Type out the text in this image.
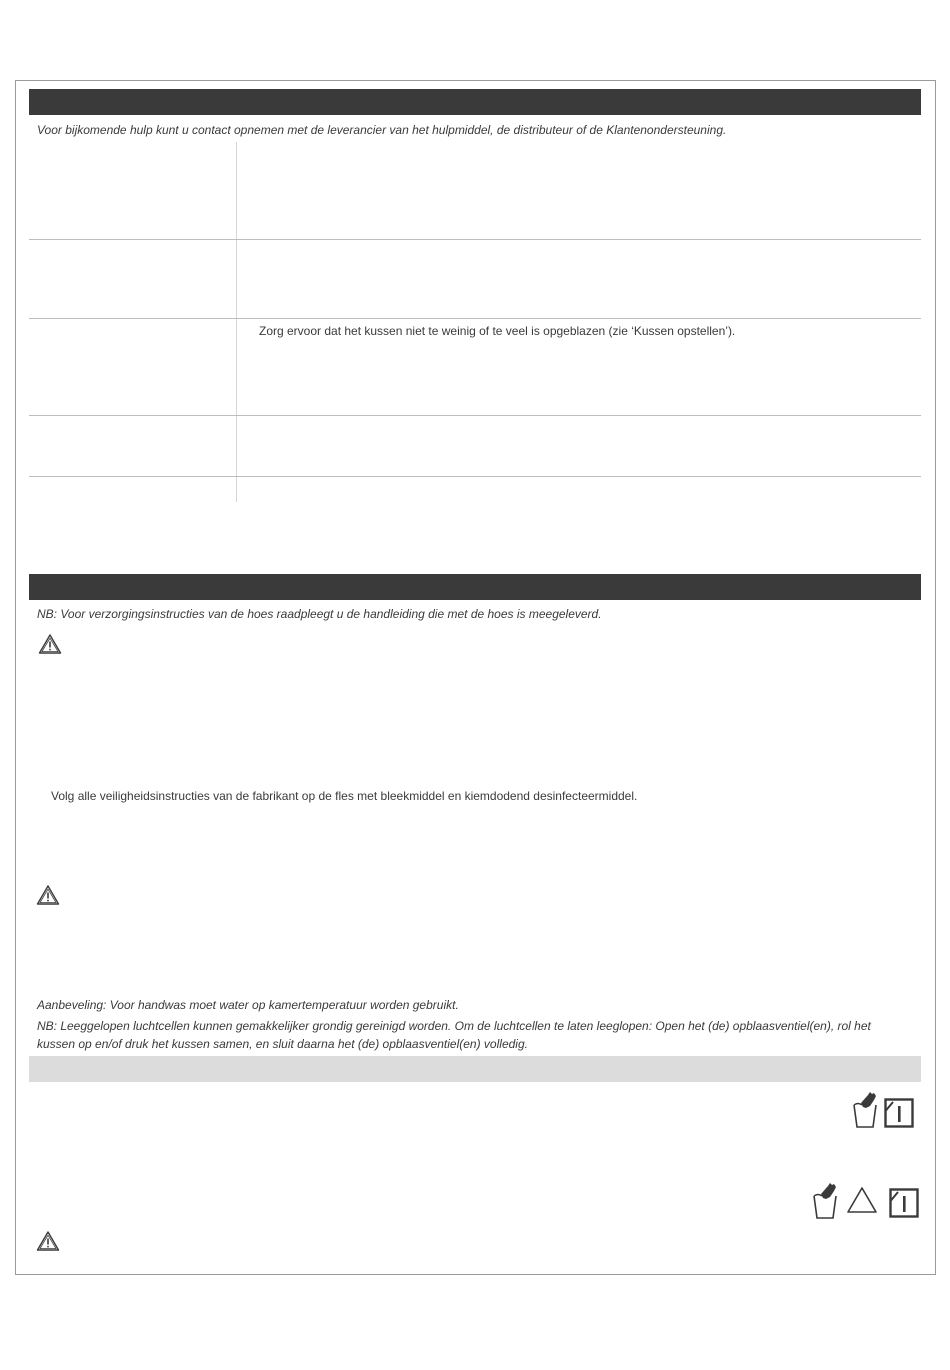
Voor bijkomende hulp kunt u contact opnemen met de leverancier van het hulpmiddel, de distributeur of de Klantenondersteuning.
Zorg ervoor dat het kussen niet te weinig of te veel is opgeblazen (zie ‘Kussen opstellen’).
NB: Voor verzorgingsinstructies van de hoes raadpleegt u de handleiding die met de hoes is meegeleverd.
Volg alle veiligheidsinstructies van de fabrikant op de fles met bleekmiddel en kiemdodend desinfecteermiddel.
Aanbeveling: Voor handwas moet water op kamertemperatuur worden gebruikt.
NB: Leeggelopen luchtcellen kunnen gemakkelijker grondig gereinigd worden. Om de luchtcellen te laten leeglopen: Open het (de) opblaasventiel(en), rol het kussen op en/of druk het kussen samen, en sluit daarna het (de) opblaasventiel(en) volledig.
